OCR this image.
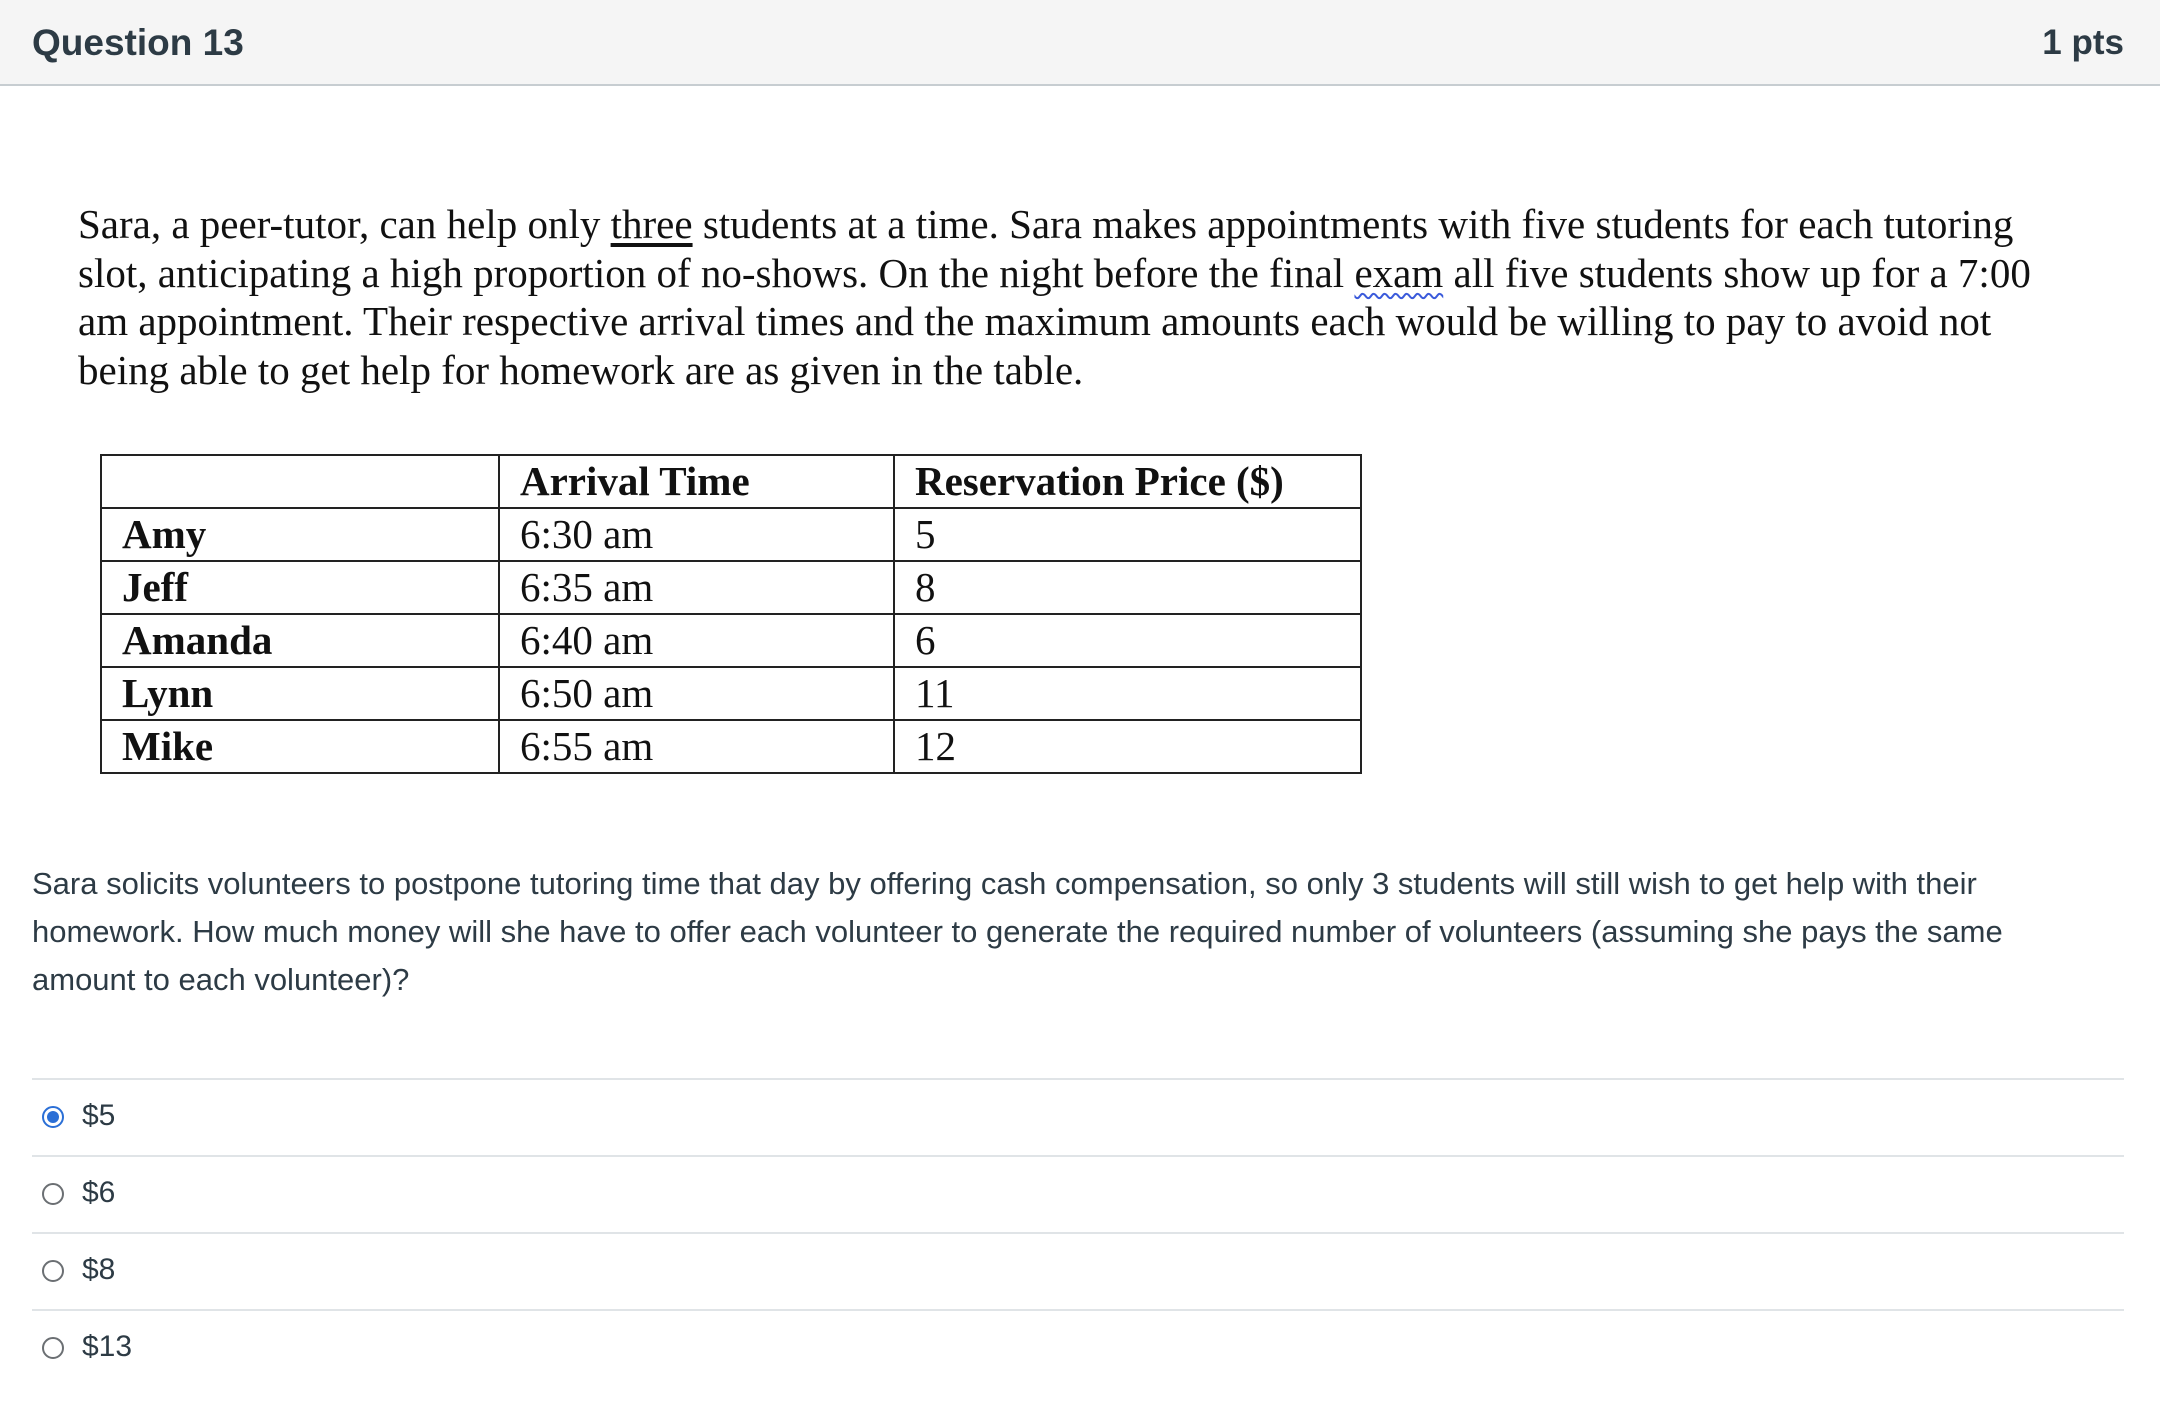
Question 13	1 pts
Sara, a peer-tutor, can help only three students at a time. Sara makes appointments with five students for each tutoring
slot, anticipating a high proportion of no-shows. On the night before the final exam all five students show up for a 7:00
am appointment. Their respective arrival times and the maximum amounts each would be willing to pay to avoid not
being able to get help for homework are as given in the table.
	Arrival Time	Reservation Price ($)
Amy	6:30 am	5
Jeff	6:35 am	8
Amanda	6:40 am	6
Lynn	6:50 am	11
Mike	6:55 am	12
Sara solicits volunteers to postpone tutoring time that day by offering cash compensation, so only 3 students will still wish to get help with their homework. How much money will she have to offer each volunteer to generate the required number of volunteers (assuming she pays the same amount to each volunteer)?
$5
$6
$8
$13
